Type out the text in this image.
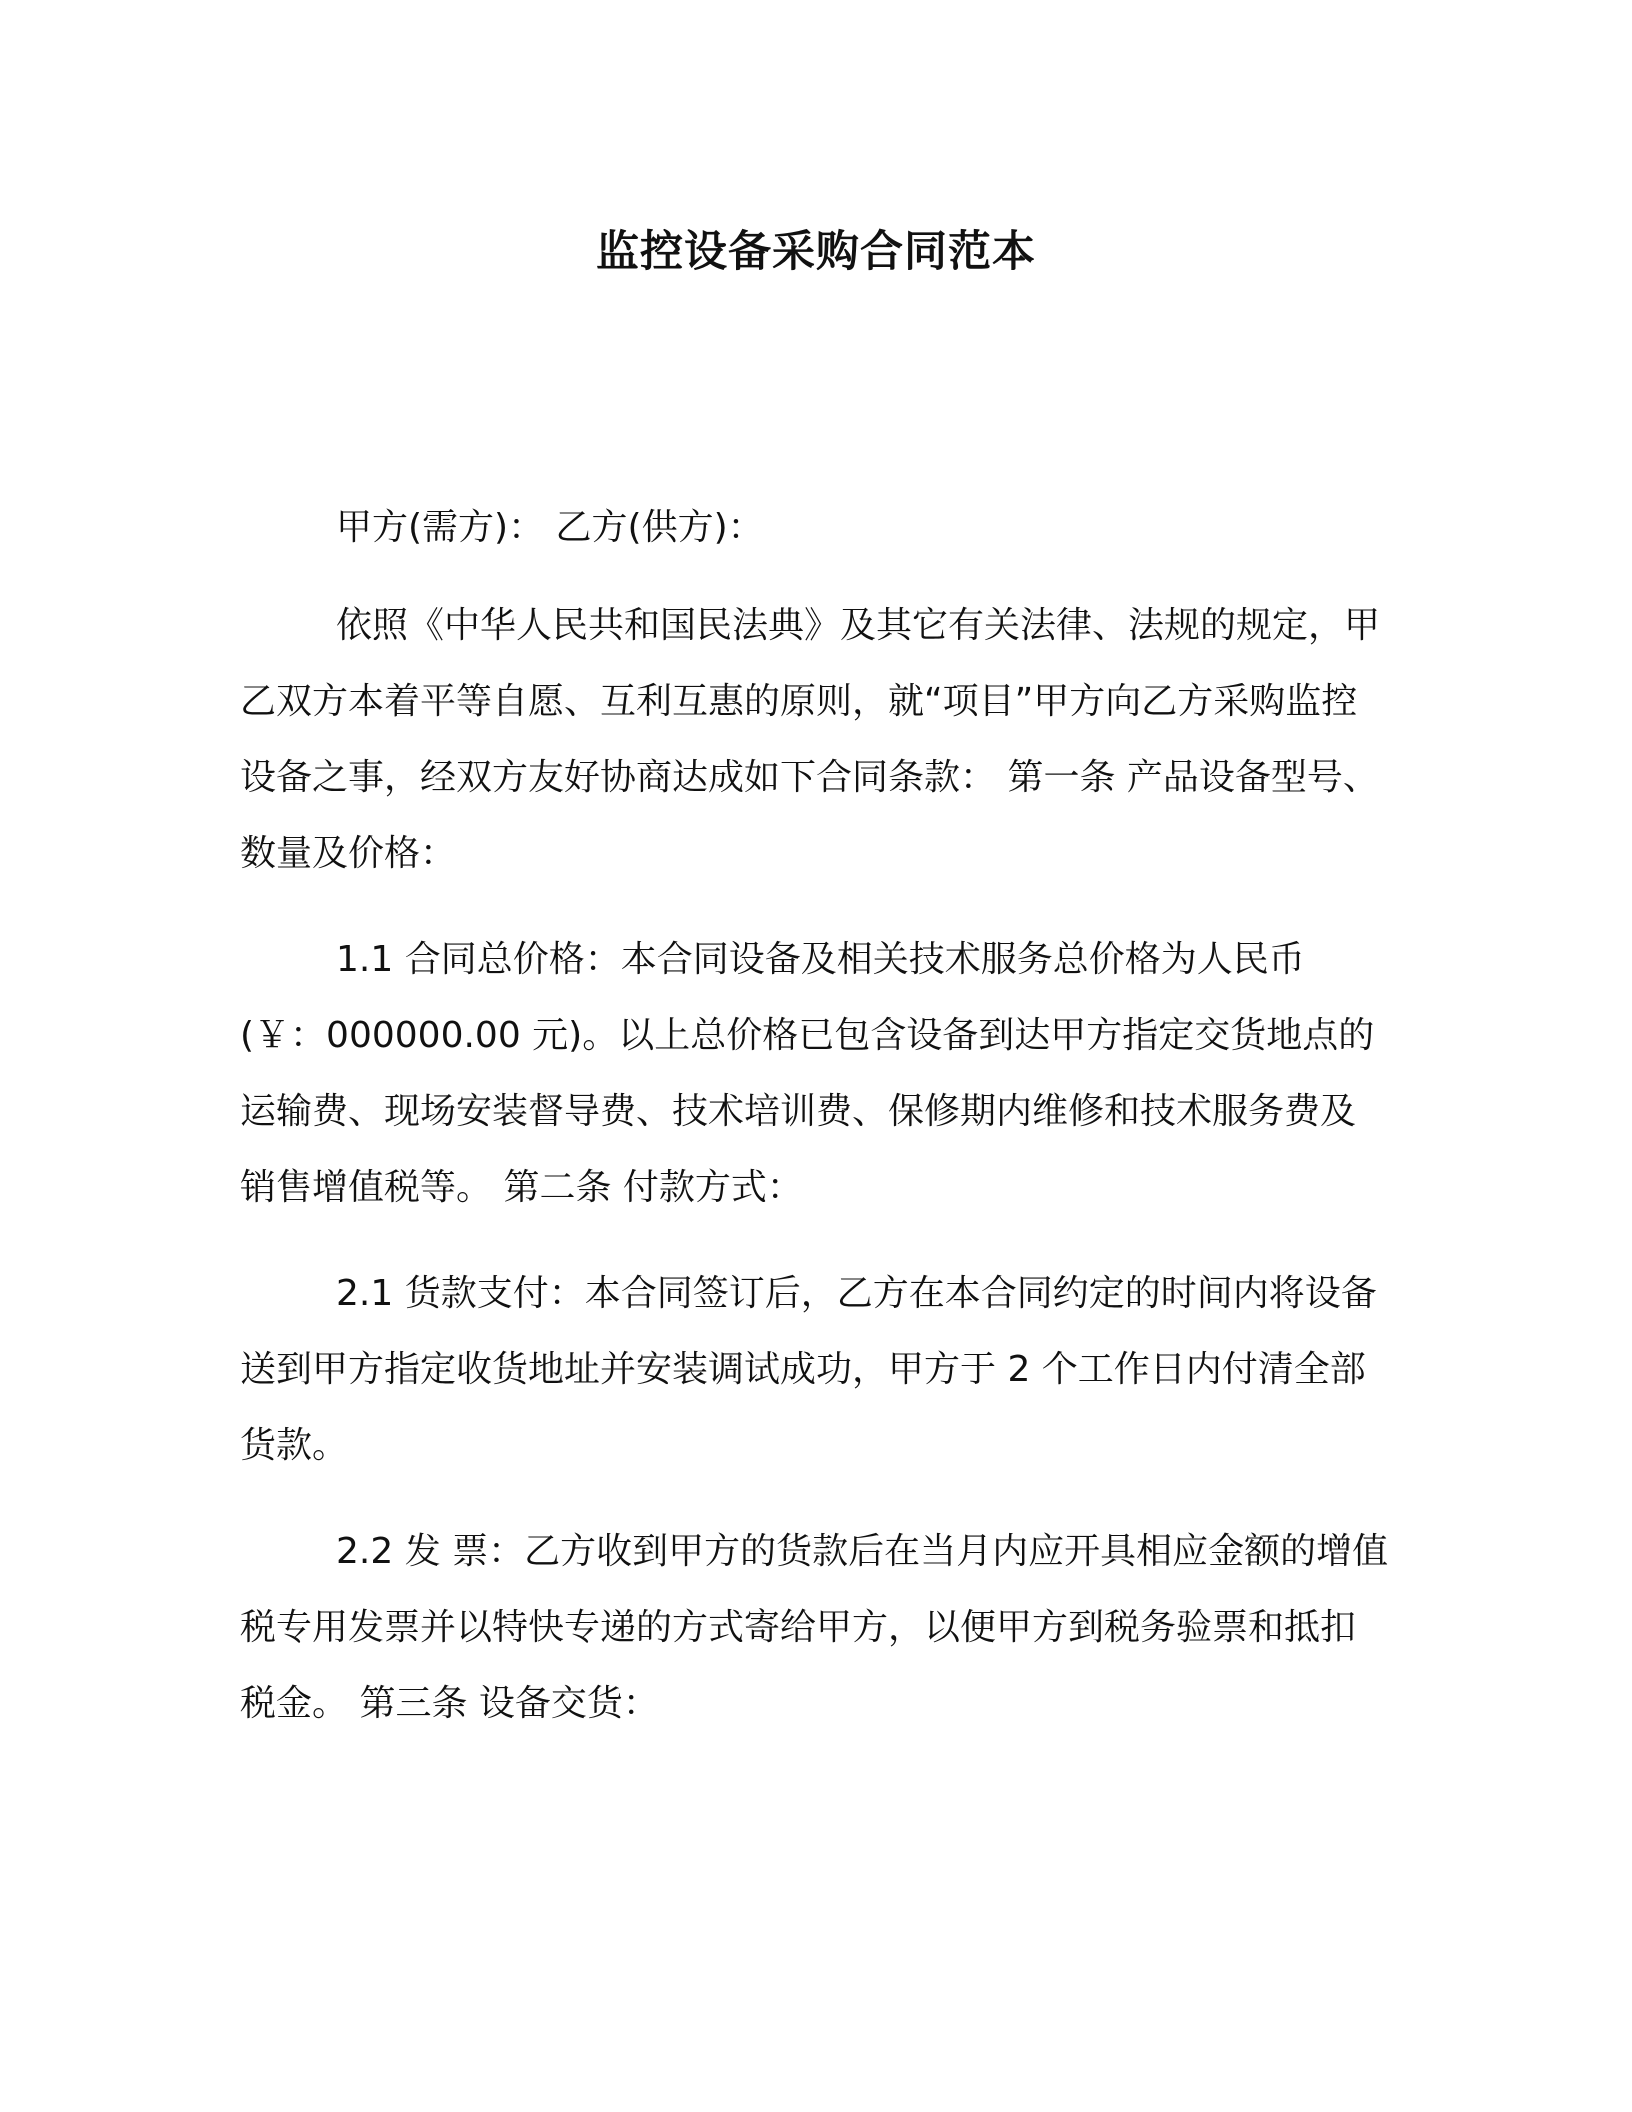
监控设备采购合同范本

甲方(需方)： 乙方(供方)：

依照《中华人民共和国民法典》及其它有关法律、法规的规定，甲乙双方本着平等自愿、互利互惠的原则，就“项目”甲方向乙方采购监控设备之事，经双方友好协商达成如下合同条款： 第一条 产品设备型号、数量及价格：

1.1 合同总价格：本合同设备及相关技术服务总价格为人民币(￥：000000.00 元)。以上总价格已包含设备到达甲方指定交货地点的运输费、现场安装督导费、技术培训费、保修期内维修和技术服务费及销售增值税等。 第二条 付款方式：

2.1 货款支付：本合同签订后，乙方在本合同约定的时间内将设备送到甲方指定收货地址并安装调试成功，甲方于 2 个工作日内付清全部货款。

2.2 发 票：乙方收到甲方的货款后在当月内应开具相应金额的增值税专用发票并以特快专递的方式寄给甲方，以便甲方到税务验票和抵扣税金。 第三条 设备交货：
